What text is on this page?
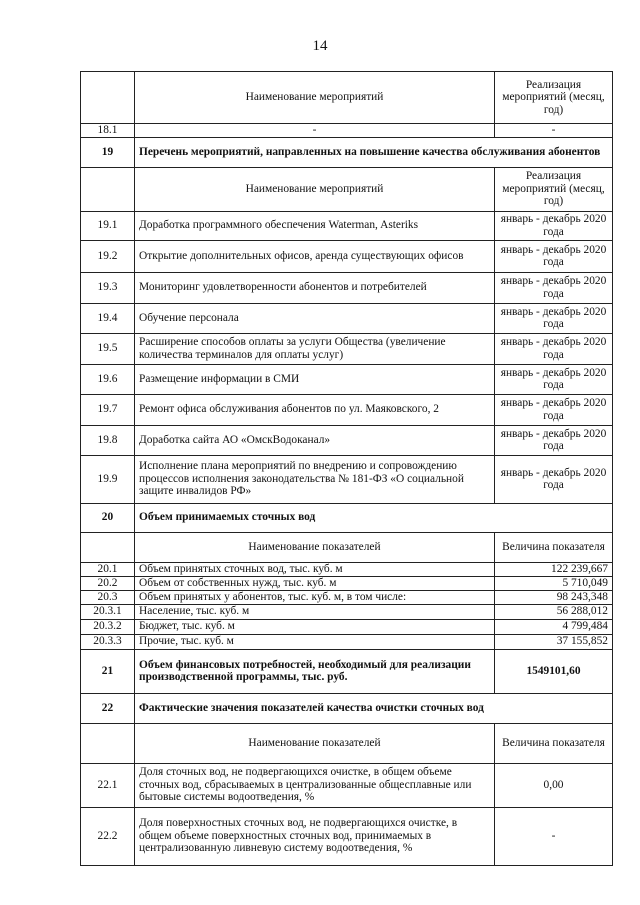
14
	Наименование мероприятий	Реализация мероприятий (месяц, год)
18.1	-	-
19	Перечень мероприятий, направленных на повышение качества обслуживания абонентов	
	Наименование мероприятий	Реализация мероприятий (месяц, год)
19.1	Доработка программного обеспечения Waterman, Asteriks	январь - декабрь 2020 года
19.2	Открытие дополнительных офисов, аренда существующих офисов	январь - декабрь 2020 года
19.3	Мониторинг удовлетворенности абонентов и потребителей	январь - декабрь 2020 года
19.4	Обучение персонала	январь - декабрь 2020 года
19.5	Расширение способов оплаты за услуги Общества (увеличение количества терминалов для оплаты услуг)	январь - декабрь 2020 года
19.6	Размещение информации в СМИ	январь - декабрь 2020 года
19.7	Ремонт офиса обслуживания абонентов по ул. Маяковского, 2	январь - декабрь 2020 года
19.8	Доработка сайта АО «ОмскВодоканал»	январь - декабрь 2020 года
19.9	Исполнение плана мероприятий по внедрению и сопровождению процессов исполнения законодательства № 181-ФЗ «О социальной защите инвалидов РФ»	январь - декабрь 2020 года
20	Объем принимаемых сточных вод	
	Наименование показателей	Величина показателя
20.1	Объем принятых сточных вод, тыс. куб. м	122 239,667
20.2	Объем от собственных нужд, тыс. куб. м	5 710,049
20.3	Объем принятых у абонентов, тыс. куб. м, в том числе:	98 243,348
20.3.1	Население, тыс. куб. м	56 288,012
20.3.2	Бюджет, тыс. куб. м	4 799,484
20.3.3	Прочие, тыс. куб. м	37 155,852
21	Объем финансовых потребностей, необходимый для реализации производственной программы, тыс. руб.	1549101,60
22	Фактические значения показателей качества очистки сточных вод	
	Наименование показателей	Величина показателя
22.1	Доля сточных вод, не подвергающихся очистке, в общем объеме сточных вод, сбрасываемых в централизованные общесплавные или бытовые системы водоотведения, %	0,00
22.2	Доля поверхностных сточных вод, не подвергающихся очистке, в общем объеме поверхностных сточных вод, принимаемых в централизованную ливневую систему водоотведения, %	-
